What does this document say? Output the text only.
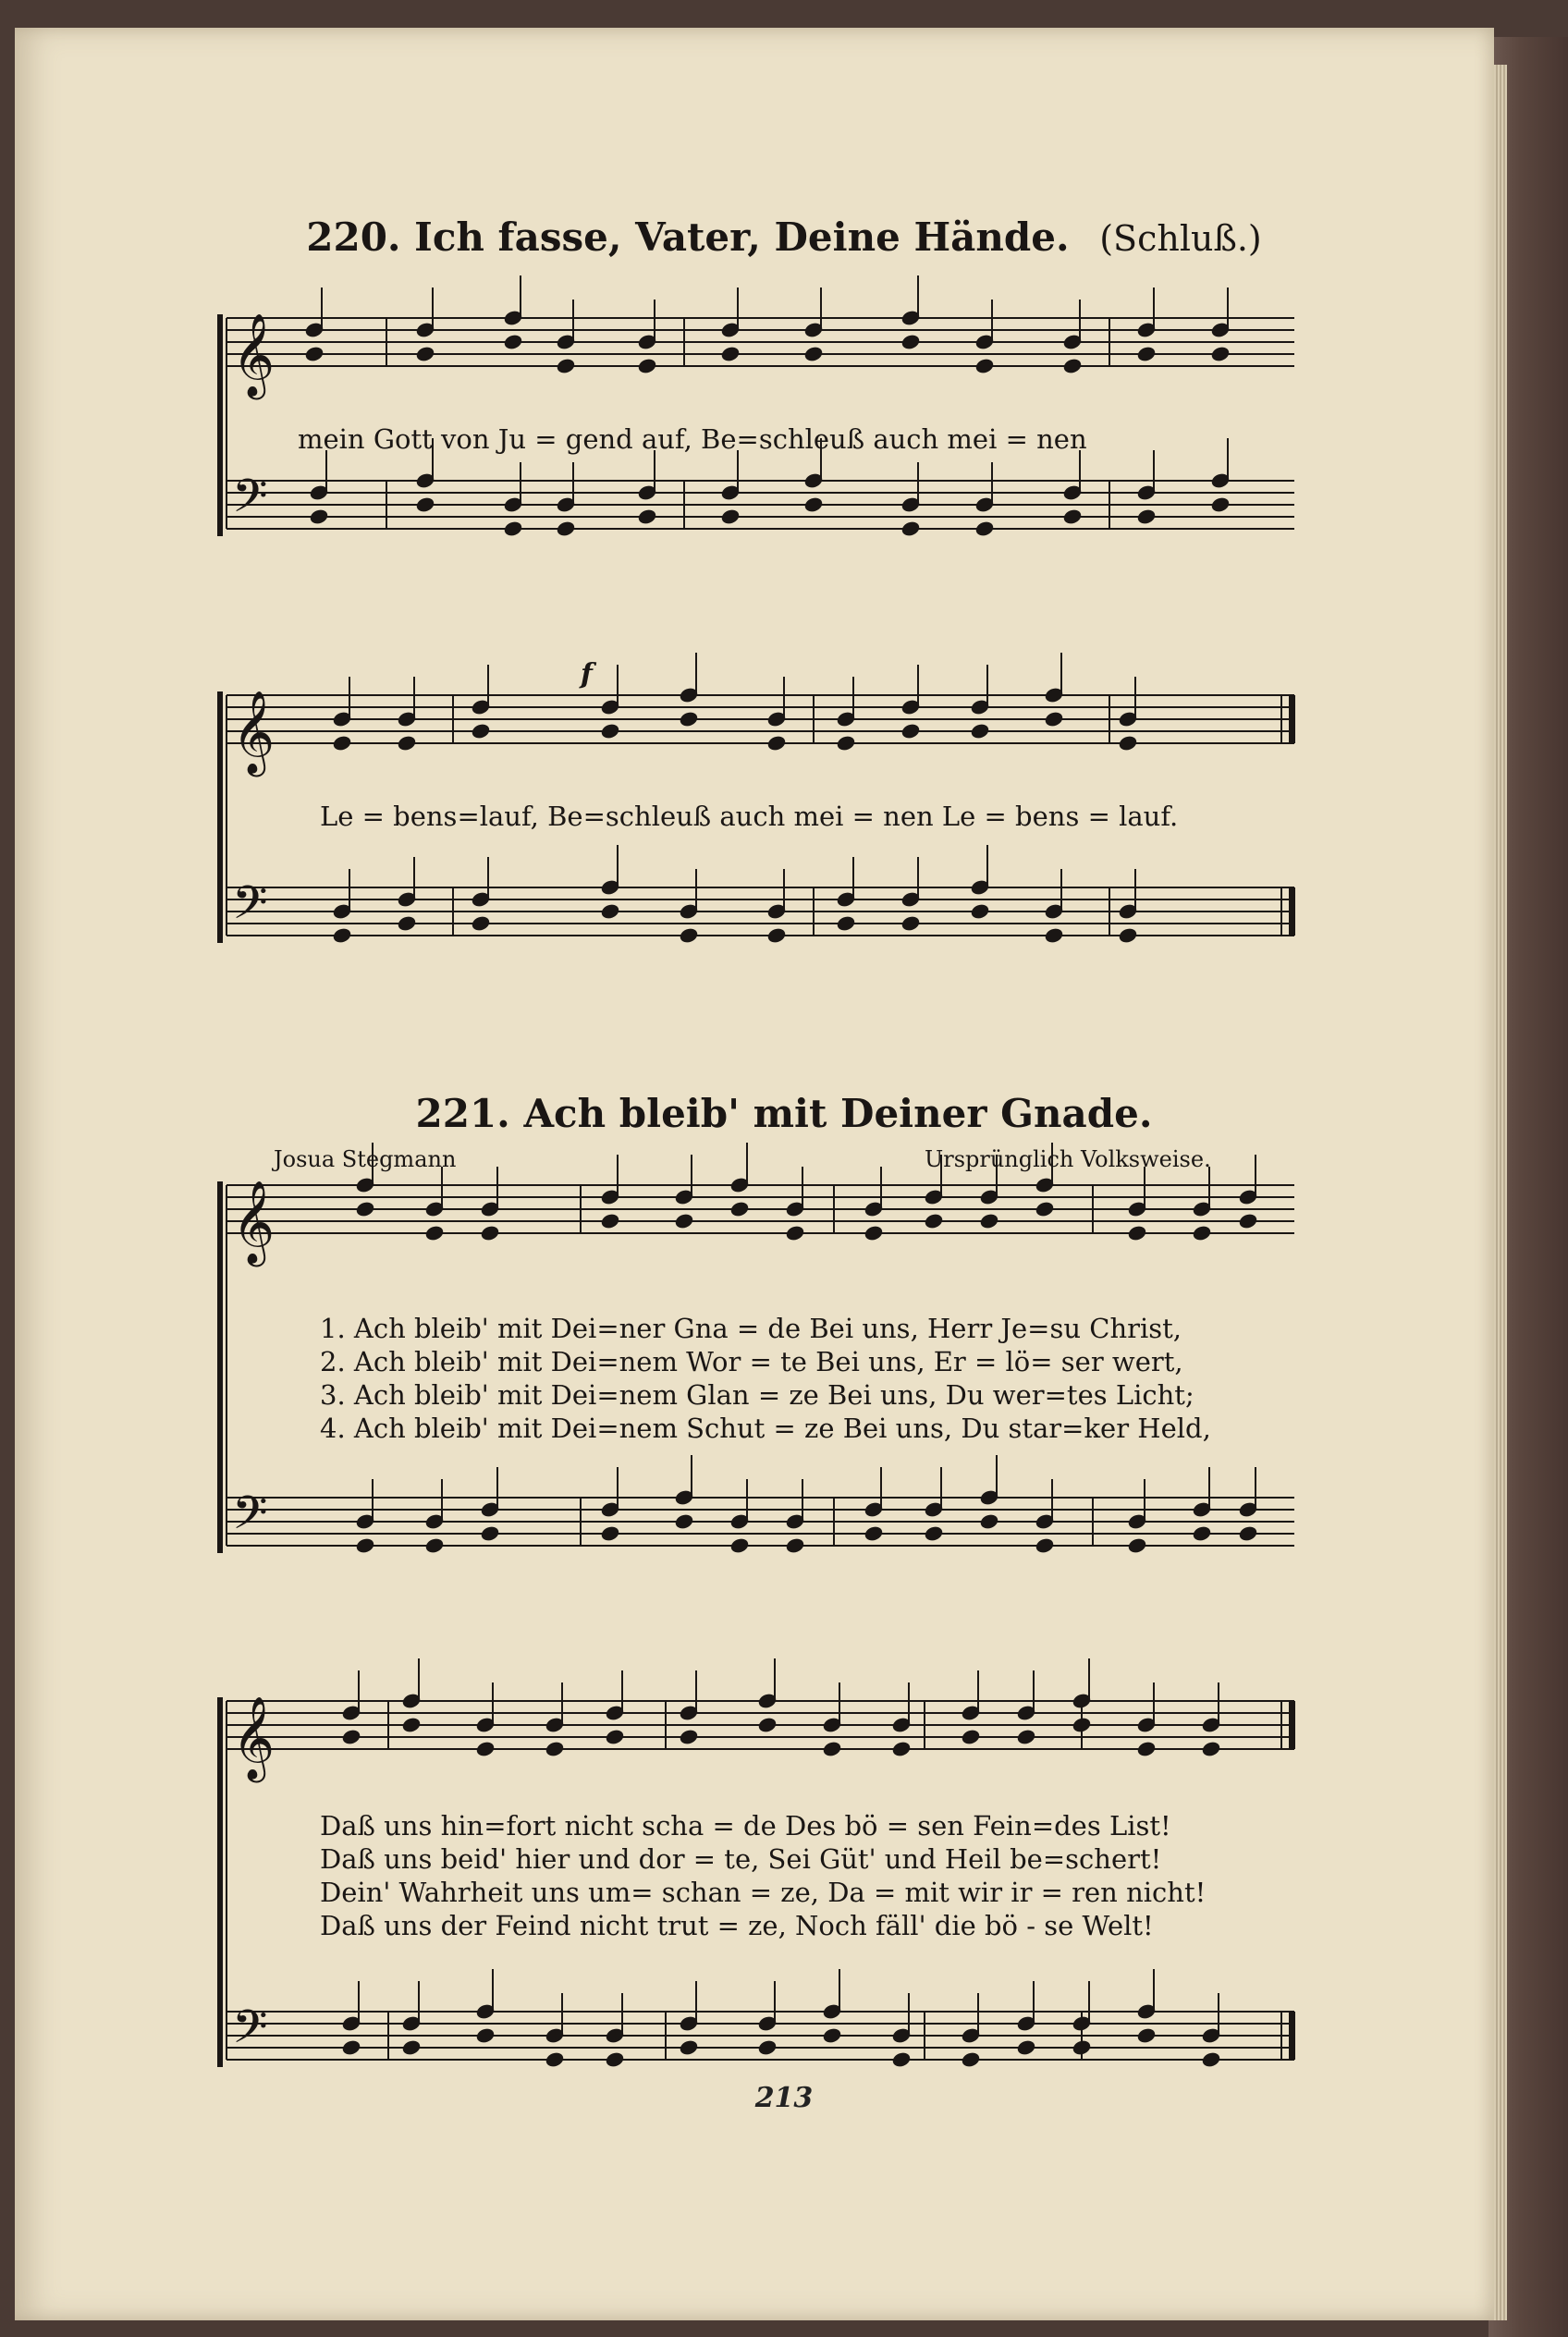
𝄞
𝄢
𝄞
𝄢
𝄞
𝄢
𝄞
𝄢
220. Ich fasse, Vater, Deine Hände. (Schluß.)
mein Gott von Ju = gend auf, Be=schleuß auch mei = nen
f
Le = bens=lauf, Be=schleuß auch mei = nen Le = bens = lauf.
221. Ach bleib' mit Deiner Gnade.
Josua Stegmann	Ursprünglich Volksweise.
1. Ach bleib' mit Dei=ner Gna = de Bei uns, Herr Je=su Christ,
2. Ach bleib' mit Dei=nem Wor = te Bei uns, Er = lö= ser wert,
3. Ach bleib' mit Dei=nem Glan = ze Bei uns, Du wer=tes Licht;
4. Ach bleib' mit Dei=nem Schut = ze Bei uns, Du star=ker Held,
Daß uns hin=fort nicht scha = de Des bö = sen Fein=des List!
Daß uns beid' hier und dor = te, Sei Güt' und Heil be=schert!
Dein' Wahrheit uns um= schan = ze, Da = mit wir ir = ren nicht!
Daß uns der Feind nicht trut = ze, Noch fäll' die bö - se Welt!
213
